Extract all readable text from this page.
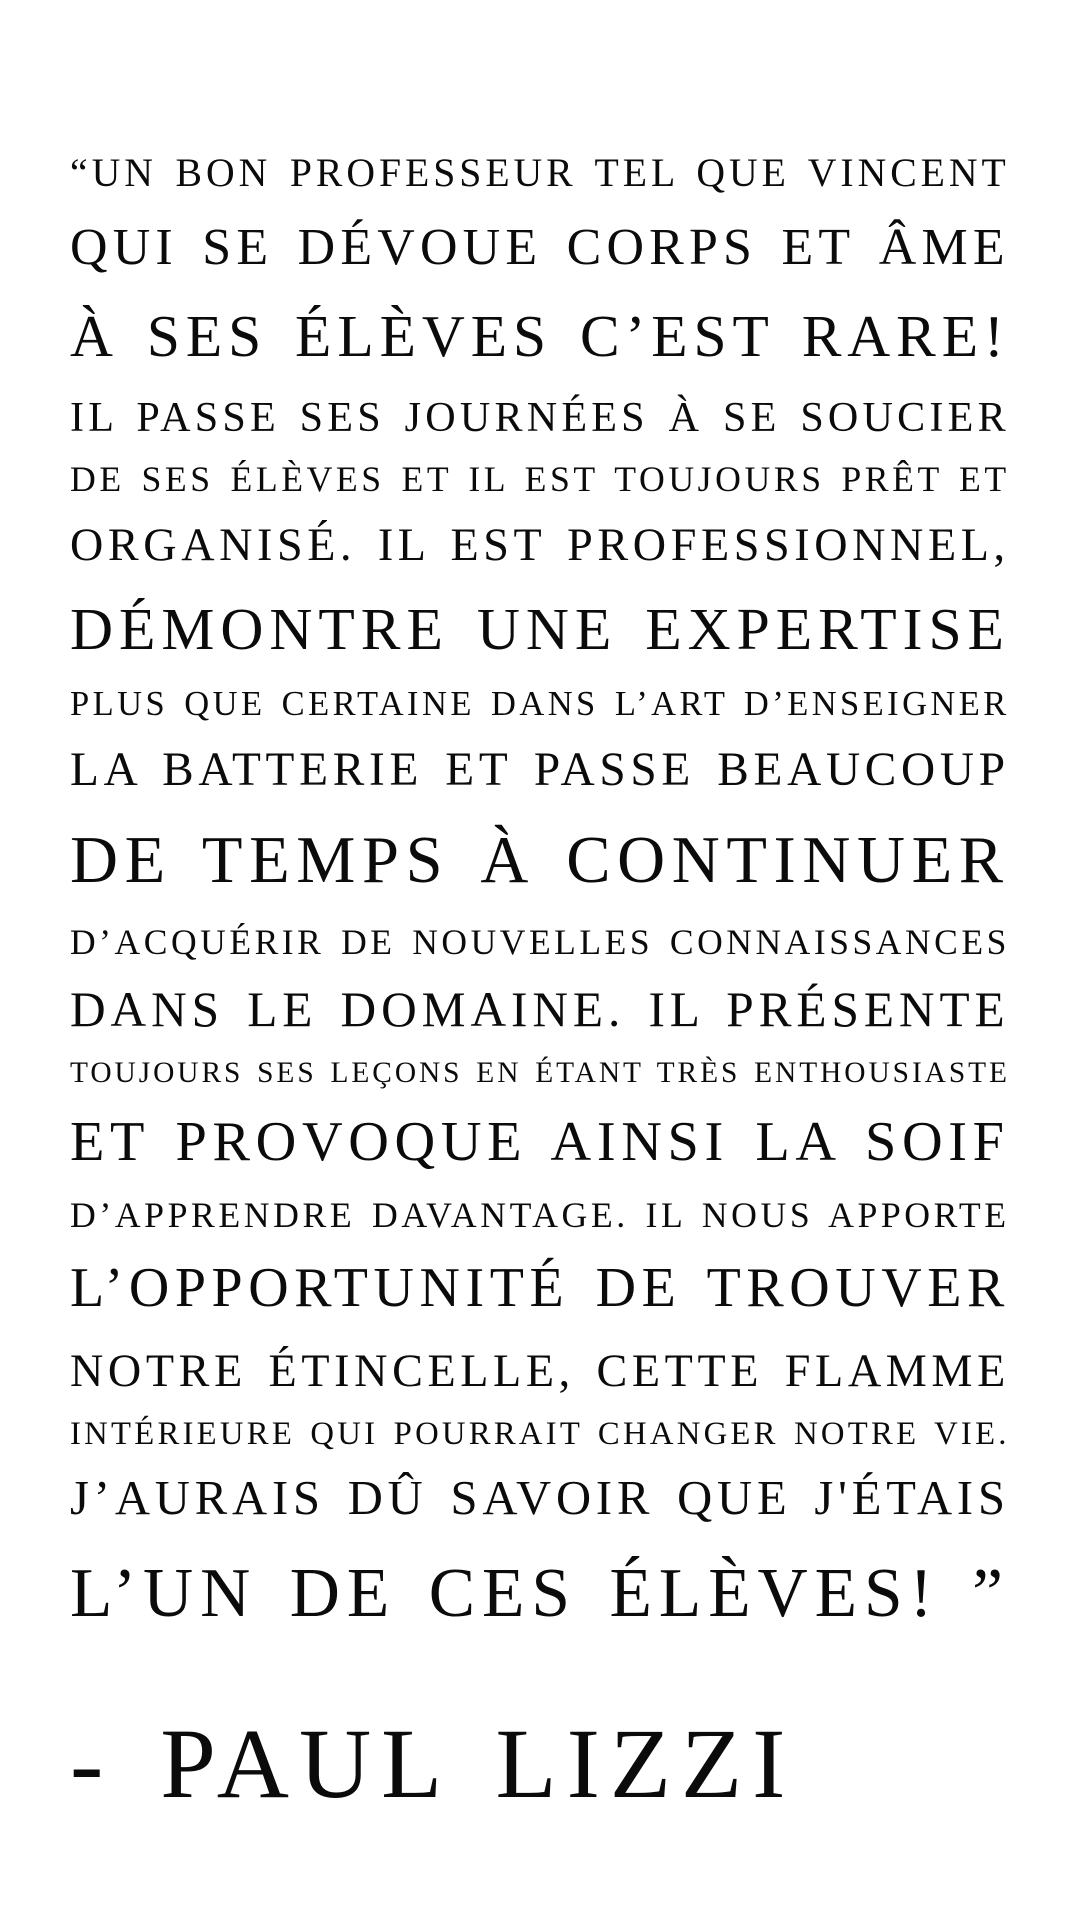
“UN BON PROFESSEUR TEL QUE VINCENT
QUI SE DÉVOUE CORPS ET ÂME
À SES ÉLÈVES C’EST RARE!
IL PASSE SES JOURNÉES À SE SOUCIER
DE SES ÉLÈVES ET IL EST TOUJOURS PRÊT ET
ORGANISÉ. IL EST PROFESSIONNEL,
DÉMONTRE UNE EXPERTISE
PLUS QUE CERTAINE DANS L’ART D’ENSEIGNER
LA BATTERIE ET PASSE BEAUCOUP
DE TEMPS À CONTINUER
D’ACQUÉRIR DE NOUVELLES CONNAISSANCES
DANS LE DOMAINE. IL PRÉSENTE
TOUJOURS SES LEÇONS EN ÉTANT TRÈS ENTHOUSIASTE
ET PROVOQUE AINSI LA SOIF
D’APPRENDRE DAVANTAGE. IL NOUS APPORTE
L’OPPORTUNITÉ DE TROUVER
NOTRE ÉTINCELLE, CETTE FLAMME
INTÉRIEURE QUI POURRAIT CHANGER NOTRE VIE.
J’AURAIS DÛ SAVOIR QUE J'ÉTAIS
L’UN DE CES ÉLÈVES! ”
- PAUL LIZZI
